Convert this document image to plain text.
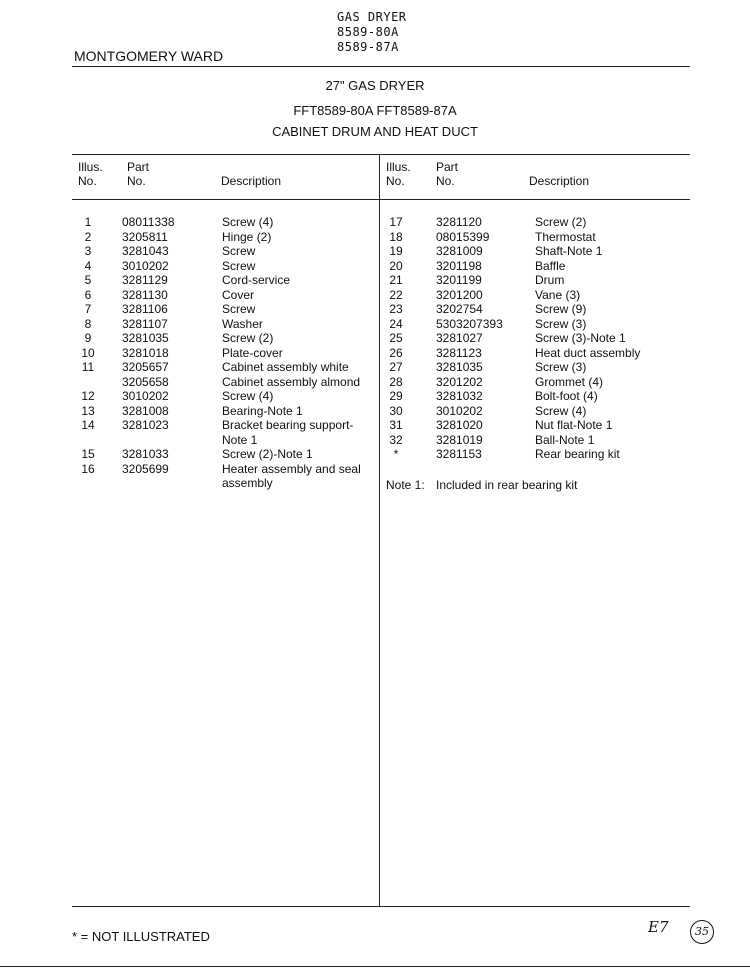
GAS DRYER
8589-80A
8589-87A
MONTGOMERY WARD
27" GAS DRYER
FFT8589-80A FFT8589-87A
CABINET DRUM AND HEAT DUCT
Illus.
No.
Part
No.	Description
Illus.
No.
Part
No.	Description
1	08011338	Screw (4)
2	3205811	Hinge (2)
3	3281043	Screw
4	3010202	Screw
5	3281129	Cord-service
6	3281130	Cover
7	3281106	Screw
8	3281107	Washer
9	3281035	Screw (2)
10 3281018	Plate-cover
11	3205657	Cabinet assembly white
3205658	Cabinet assembly almond
12 3010202	Screw (4)
13 3281008	Bearing-Note 1
14 3281023	Bracket bearing support-Note 1
15 3281033	Screw (2)-Note 1
16 3205699	Heater assembly and seal assembly
17	3281120	Screw (2)
18	08015399	Thermostat
19	3281009	Shaft-Note 1
20	3201198	Baffle
21	3201199	Drum
22	3201200	Vane (3)
23	3202754	Screw (9)
24	5303207393	Screw (3)
25	3281027	Screw (3)-Note 1
26	3281123	Heat duct assembly
27	3281035	Screw (3)
28	3201202	Grommet (4)
29	3281032	Bolt-foot (4)
30	3010202	Screw (4)
31	3281020	Nut flat-Note 1
32	3281019	Ball-Note 1
*	3281153	Rear bearing kit
Note 1: Included in rear bearing kit
* = NOT ILLUSTRATED
E7	35
